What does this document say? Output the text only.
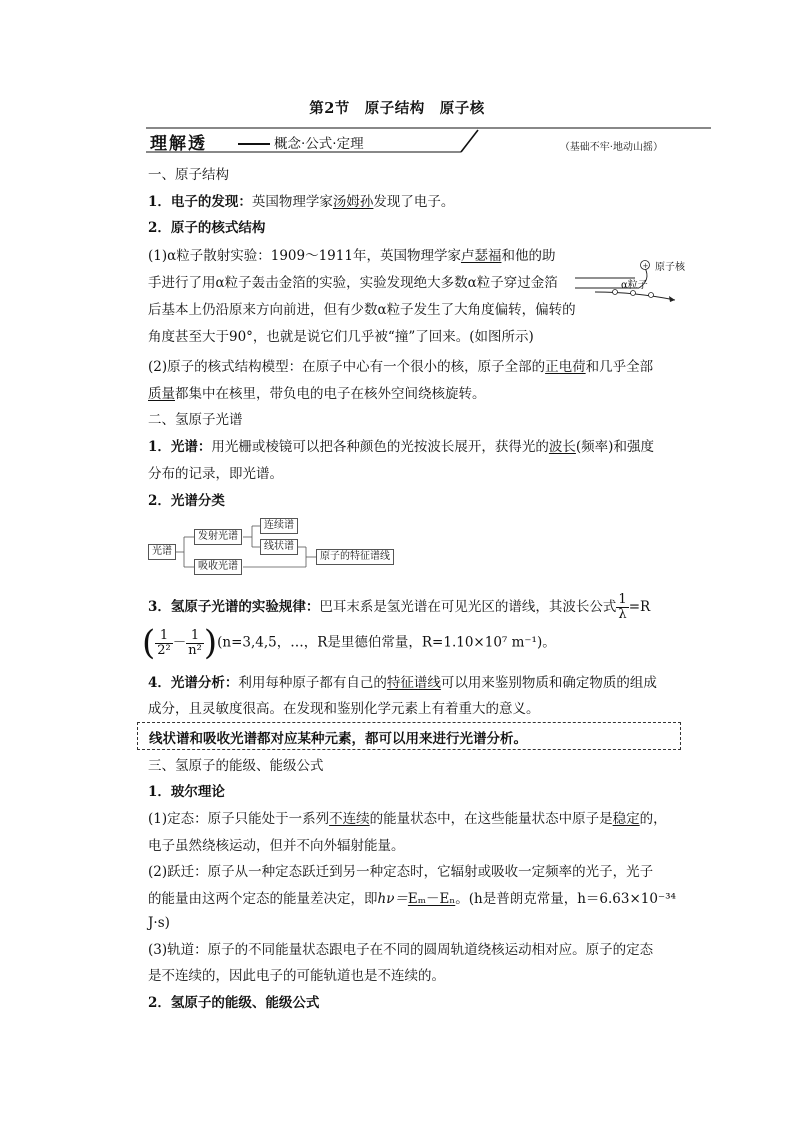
第2节　原子结构　原子核
理解透	概念·公式·定理	（基础不牢·地动山摇）
一、原子结构
1．电子的发现：英国物理学家汤姆孙发现了电子。
2．原子的核式结构
(1)α粒子散射实验：1909～1911年，英国物理学家卢瑟福和他的助
手进行了用α粒子轰击金箔的实验，实验发现绝大多数α粒子穿过金箔
后基本上仍沿原来方向前进，但有少数α粒子发生了大角度偏转，偏转的
角度甚至大于90°，也就是说它们几乎被“撞”了回来。(如图所示)
+ 原子核
α粒子
(2)原子的核式结构模型：在原子中心有一个很小的核，原子全部的正电荷和几乎全部
质量都集中在核里，带负电的电子在核外空间绕核旋转。
二、氢原子光谱
1．光谱：用光栅或棱镜可以把各种颜色的光按波长展开，获得光的波长(频率)和强度
分布的记录，即光谱。
2．光谱分类
光谱
发射光谱
吸收光谱
连续谱
线状谱
原子的特征谱线
3．氢原子光谱的实验规律：巴耳末系是氢光谱在可见光区的谱线，其波长公式 $\frac{1}{\lambda} =R$
( $\frac{1}{\text{2²}} - \frac{1}{\text{n²}} )(n=3,4,5$，…，R是里德伯常量，R=1.10×10⁷ m⁻¹)。
4．光谱分析：利用每种原子都有自己的特征谱线可以用来鉴别物质和确定物质的组成
成分，且灵敏度很高。在发现和鉴别化学元素上有着重大的意义。
线状谱和吸收光谱都对应某种元素，都可以用来进行光谱分析。
三、氢原子的能级、能级公式
1．玻尔理论
(1)定态：原子只能处于一系列不连续的能量状态中，在这些能量状态中原子是稳定的，
电子虽然绕核运动，但并不向外辐射能量。
(2)跃迁：原子从一种定态跃迁到另一种定态时，它辐射或吸收一定频率的光子，光子
的能量由这两个定态的能量差决定，即hν＝Eₘ－Eₙ。(h是普朗克常量，h＝6.63×10⁻³⁴
J·s)
(3)轨道：原子的不同能量状态跟电子在不同的圆周轨道绕核运动相对应。原子的定态
是不连续的，因此电子的可能轨道也是不连续的。
2．氢原子的能级、能级公式
